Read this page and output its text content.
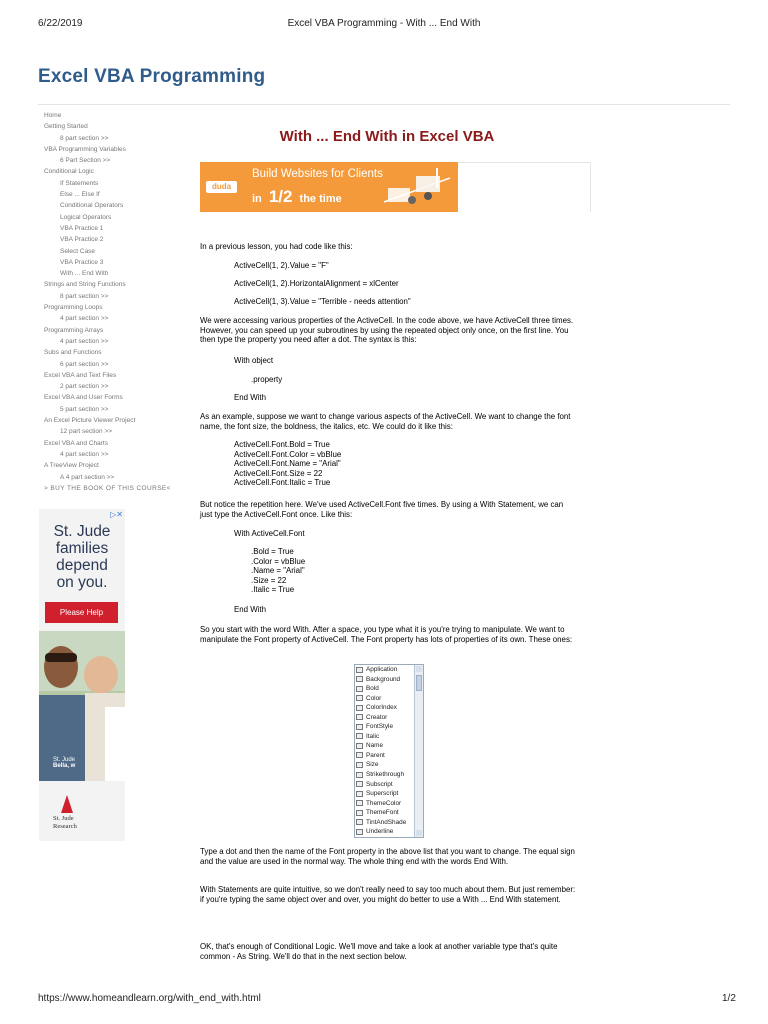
6/22/2019	Excel VBA Programming - With ... End With
Excel VBA Programming
Home
Getting Started
8 part section >>
VBA Programming Variables
6 Part Section >>
Conditional Logic
If Statements
Else ... Else If
Conditional Operators
Logical Operators
VBA Practice 1
VBA Practice 2
Select Case
VBA Practice 3
With ... End With
Strings and String Functions
8 part section >>
Programming Loops
4 part section >>
Programming Arrays
4 part section >>
Subs and Functions
6 part section >>
Excel VBA and Text Files
2 part section >>
Excel VBA and User Forms
5 part section >>
An Excel Picture Viewer Project
12 part section >>
Excel VBA and Charts
4 part section >>
A TreeView Project
A 4 part section >>
> BUY THE BOOK OF THIS COURSE<
▷✕
St. Jude
families
depend
on you.
Please Help
St. Jude
Bella, w
St. Jude
Research
With ... End With in Excel VBA
duda
Build Websites for Clients
in 1/2 the time
In a previous lesson, you had code like this:
ActiveCell(1, 2).Value = "F"
ActiveCell(1, 2).HorizontalAlignment = xlCenter
ActiveCell(1, 3).Value = "Terrible - needs attention"
We were accessing various properties of the ActiveCell. In the code above, we have ActiveCell three times. However, you can speed up your subroutines by using the repeated object only once, on the first line. You then type the property you need after a dot. The syntax is this:
With object
.property
End With
As an example, suppose we want to change various aspects of the ActiveCell. We want to change the font name, the font size, the boldness, the italics, etc. We could do it like this:
ActiveCell.Font.Bold = True
ActiveCell.Font.Color = vbBlue
ActiveCell.Font.Name = "Arial"
ActiveCell.Font.Size = 22
ActiveCell.Font.Italic = True
But notice the repetition here. We've used ActiveCell.Font five times. By using a With Statement, we can just type the ActiveCell.Font once. Like this:
With ActiveCell.Font
.Bold = True
.Color = vbBlue
.Name = "Arial"
.Size = 22
.Italic = True
End With
So you start with the word With. After a space, you type what it is you're trying to manipulate. We want to manipulate the Font property of ActiveCell. The Font property has lots of properties of its own. These ones:
Application
Background
Bold
Color
ColorIndex
Creator
FontStyle
Italic
Name
Parent
Size
Strikethrough
Subscript
Superscript
ThemeColor
ThemeFont
TintAndShade
Underline
Type a dot and then the name of the Font property in the above list that you want to change. The equal sign and the value are used in the normal way. The whole thing end with the words End With.
With Statements are quite intuitive, so we don't really need to say too much about them. But just remember: if you're typing the same object over and over, you might do better to use a With ... End With statement.
OK, that's enough of Conditional Logic. We'll move and take a look at another variable type that's quite common - As String. We'll do that in the next section below.
https://www.homeandlearn.org/with_end_with.html	1/2
